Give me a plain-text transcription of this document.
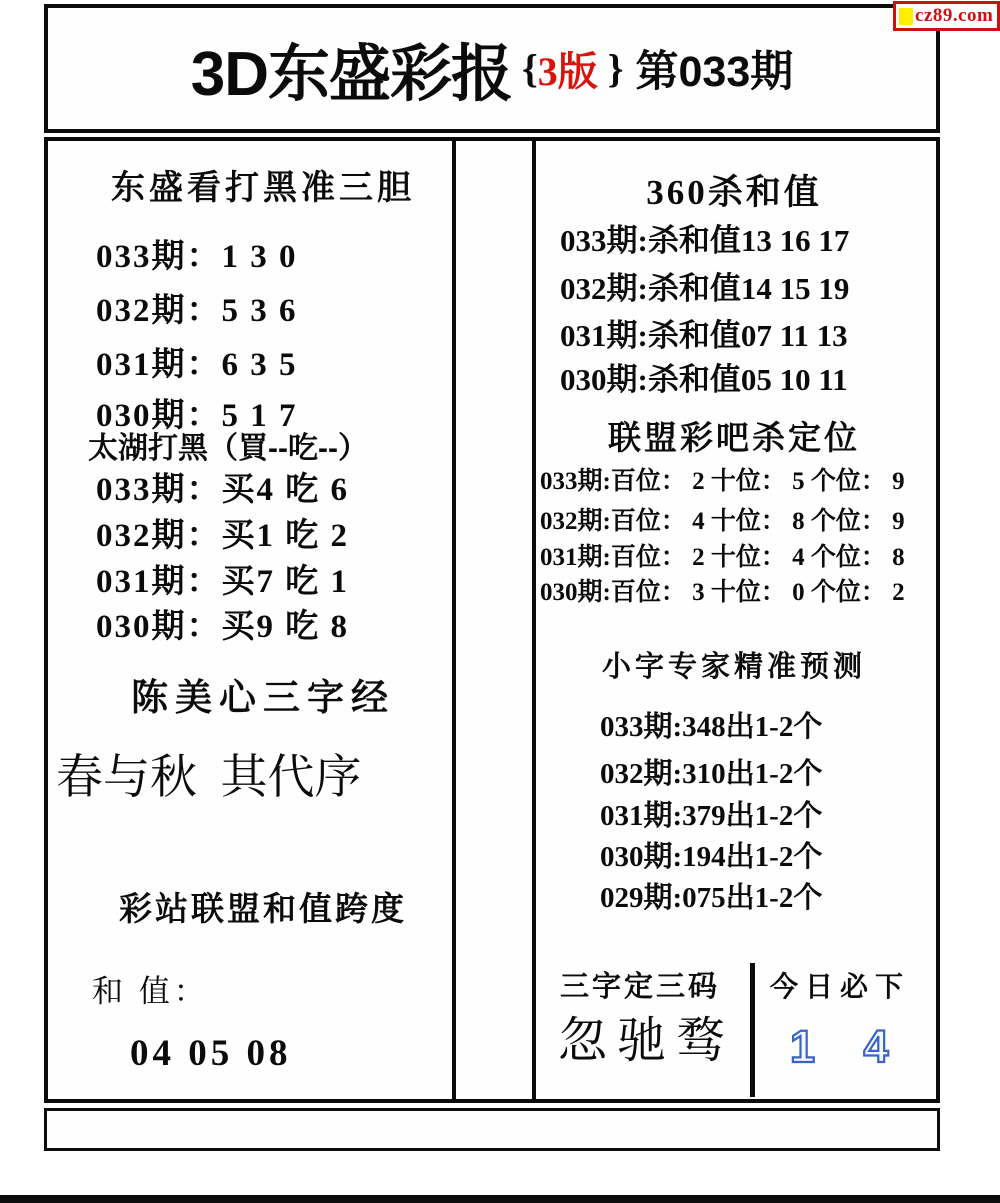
3D东盛彩报 { 3版 } 第033期
cz89.com
东盛看打黑准三胆
033期：1 3 0
032期：5 3 6
031期：6 3 5
030期：5 1 7
太湖打黑（買--吃--）
033期：买4 吃 6
032期：买1 吃 2
031期：买7 吃 1
030期：买9 吃 8
陈美心三字经
春与秋  其代序
彩站联盟和值跨度
和 值：
04 05 08
360杀和值
033期:杀和值13 16 17
032期:杀和值14 15 19
031期:杀和值07 11 13
030期:杀和值05 10 11
联盟彩吧杀定位
033期:百位： 2 十位： 5 个位： 9
032期:百位： 4 十位： 8 个位： 9
031期:百位： 2 十位： 4 个位： 8
030期:百位： 3 十位： 0 个位： 2
小字专家精准预测
033期:348出1-2个
032期:310出1-2个
031期:379出1-2个
030期:194出1-2个
029期:075出1-2个
三字定三码 今日必下
忽驰骛 1 4
